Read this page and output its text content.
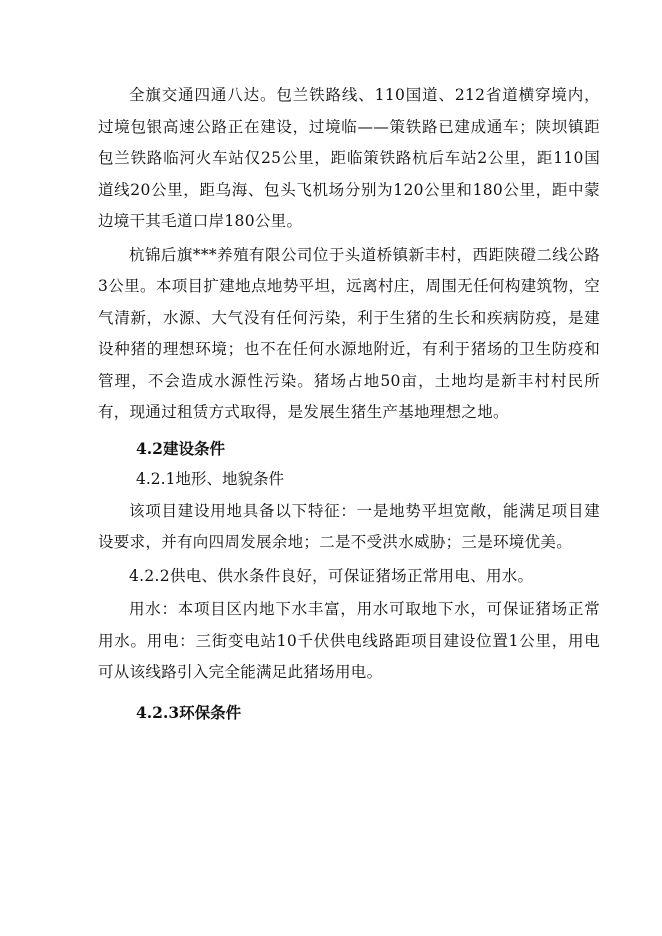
全旗交通四通八达。包兰铁路线、110国道、212省道横穿境内，过境包银高速公路正在建设，过境临——策铁路已建成通车；陕坝镇距包兰铁路临河火车站仅25公里，距临策铁路杭后车站2公里，距110国道线20公里，距乌海、包头飞机场分别为120公里和180公里，距中蒙边境干其毛道口岸180公里。

杭锦后旗***养殖有限公司位于头道桥镇新丰村，西距陕磴二线公路3公里。本项目扩建地点地势平坦，远离村庄，周围无任何构建筑物，空气清新，水源、大气没有任何污染，利于生猪的生长和疾病防疫，是建设种猪的理想环境；也不在任何水源地附近，有利于猪场的卫生防疫和管理，不会造成水源性污染。猪场占地50亩，土地均是新丰村村民所有，现通过租赁方式取得，是发展生猪生产基地理想之地。

4.2建设条件
4.2.1地形、地貌条件

该项目建设用地具备以下特征：一是地势平坦宽敞，能满足项目建设要求，并有向四周发展余地；二是不受洪水威胁；三是环境优美。

4.2.2供电、供水条件良好，可保证猪场正常用电、用水。

用水：本项目区内地下水丰富，用水可取地下水，可保证猪场正常用水。用电：三街变电站10千伏供电线路距项目建设位置1公里，用电可从该线路引入完全能满足此猪场用电。

4.2.3环保条件
